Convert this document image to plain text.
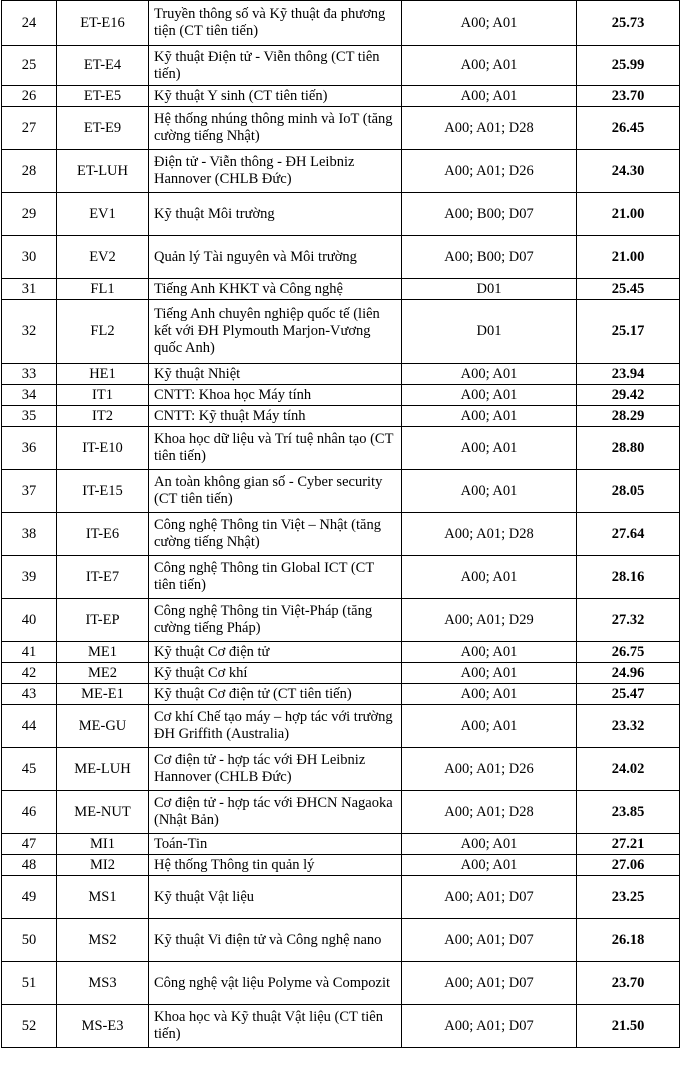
24	ET-E16	Truyền thông số và Kỹ thuật đa phương tiện (CT tiên tiến)	A00; A01	25.73
25	ET-E4	Kỹ thuật Điện tử - Viễn thông (CT tiên tiến)	A00; A01	25.99
26	ET-E5	Kỹ thuật Y sinh (CT tiên tiến)	A00; A01	23.70
27	ET-E9	Hệ thống nhúng thông minh và IoT (tăng cường tiếng Nhật)	A00; A01; D28	26.45
28	ET-LUH	Điện tử - Viễn thông - ĐH Leibniz Hannover (CHLB Đức)	A00; A01; D26	24.30
29	EV1	Kỹ thuật Môi trường	A00; B00; D07	21.00
30	EV2	Quản lý Tài nguyên và Môi trường	A00; B00; D07	21.00
31	FL1	Tiếng Anh KHKT và Công nghệ	D01	25.45
32	FL2	Tiếng Anh chuyên nghiệp quốc tế (liên kết với ĐH Plymouth Marjon-Vương quốc Anh)	D01	25.17
33	HE1	Kỹ thuật Nhiệt	A00; A01	23.94
34	IT1	CNTT: Khoa học Máy tính	A00; A01	29.42
35	IT2	CNTT: Kỹ thuật Máy tính	A00; A01	28.29
36	IT-E10	Khoa học dữ liệu và Trí tuệ nhân tạo (CT tiên tiến)	A00; A01	28.80
37	IT-E15	An toàn không gian số - Cyber security (CT tiên tiến)	A00; A01	28.05
38	IT-E6	Công nghệ Thông tin Việt – Nhật (tăng cường tiếng Nhật)	A00; A01; D28	27.64
39	IT-E7	Công nghệ Thông tin Global ICT (CT tiên tiến)	A00; A01	28.16
40	IT-EP	Công nghệ Thông tin Việt-Pháp (tăng cường tiếng Pháp)	A00; A01; D29	27.32
41	ME1	Kỹ thuật Cơ điện tử	A00; A01	26.75
42	ME2	Kỹ thuật Cơ khí	A00; A01	24.96
43	ME-E1	Kỹ thuật Cơ điện tử (CT tiên tiến)	A00; A01	25.47
44	ME-GU	Cơ khí Chế tạo máy – hợp tác với trường ĐH Griffith (Australia)	A00; A01	23.32
45	ME-LUH	Cơ điện tử - hợp tác với ĐH Leibniz Hannover (CHLB Đức)	A00; A01; D26	24.02
46	ME-NUT	Cơ điện tử - hợp tác với ĐHCN Nagaoka (Nhật Bản)	A00; A01; D28	23.85
47	MI1	Toán-Tin	A00; A01	27.21
48	MI2	Hệ thống Thông tin quản lý	A00; A01	27.06
49	MS1	Kỹ thuật Vật liệu	A00; A01; D07	23.25
50	MS2	Kỹ thuật Vi điện tử và Công nghệ nano	A00; A01; D07	26.18
51	MS3	Công nghệ vật liệu Polyme và Compozit	A00; A01; D07	23.70
52	MS-E3	Khoa học và Kỹ thuật Vật liệu (CT tiên tiến)	A00; A01; D07	21.50
